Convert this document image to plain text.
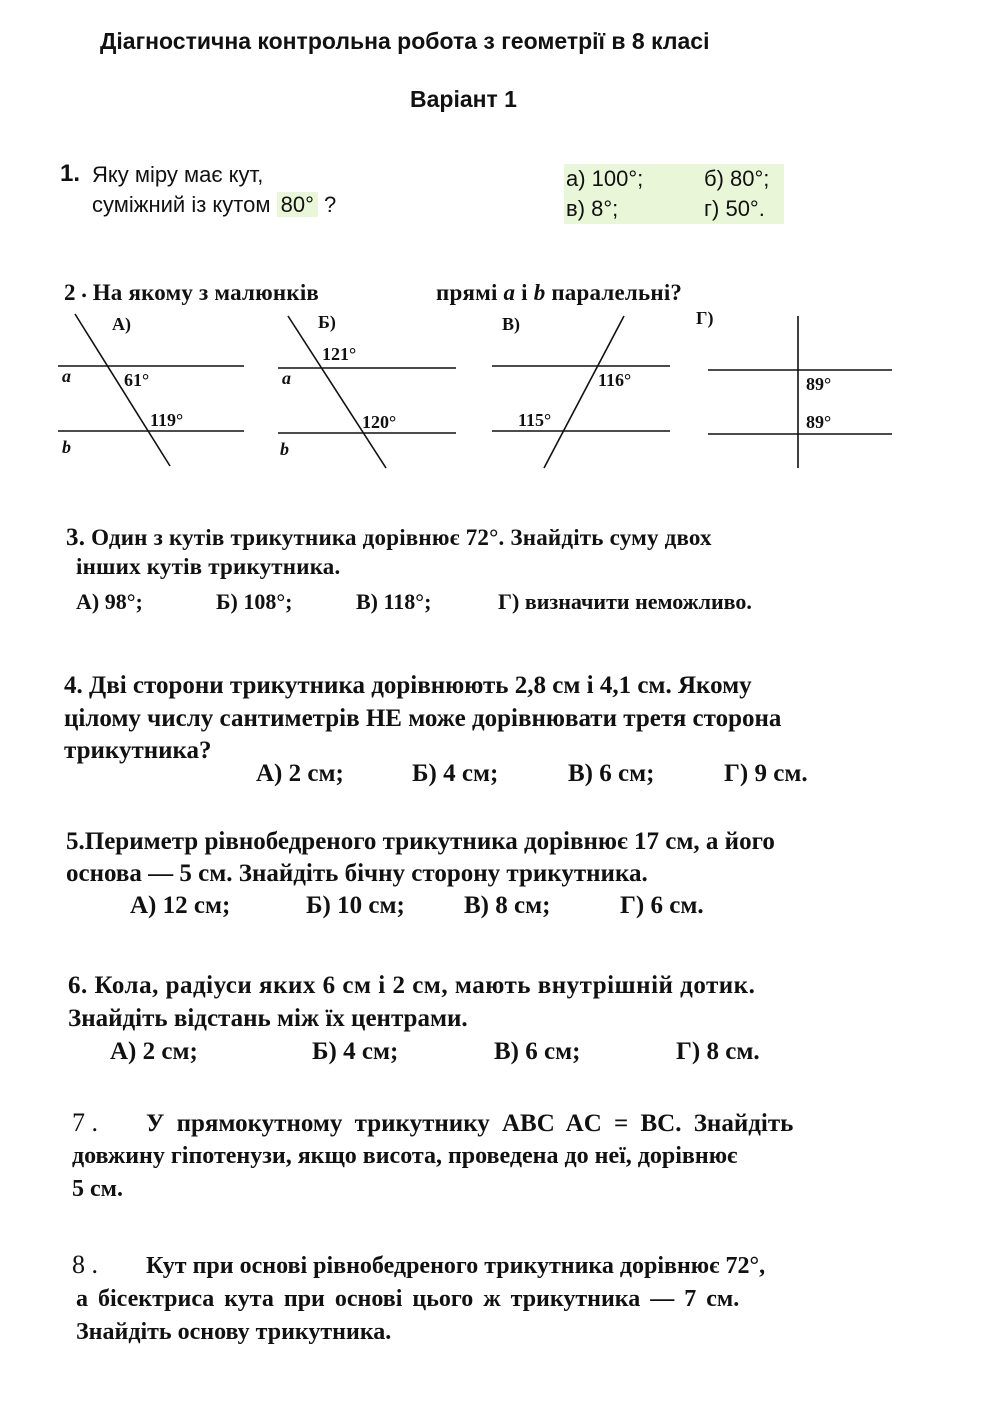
Діагностична контрольна робота з геометрії в 8 класі
Варіант 1
1. Яку міру має кут,
суміжний із кутом 80° ?
а) 100°;	б) 80°;
в) 8°;	г) 50°.
2 • На якому з малюнків	прямі a і b паралельні?
А)
a
b
61°
119°
Б)
a
b
121°
120°
В)
116°
115°
Г)
89°
89°
3. Один з кутів трикутника дорівнює 72°. Знайдіть суму двох
інших кутів трикутника.
А) 98°;	Б) 108°;	В) 118°;	Г) визначити неможливо.
4. Дві сторони трикутника дорівнюють 2,8 см і 4,1 см. Якому
цілому числу сантиметрів НЕ може дорівнювати третя сторона
трикутника?
А) 2 см;	Б) 4 см;	В) 6 см;	Г) 9 см.
5.Периметр рівнобедреного трикутника дорівнює 17 см, а його
основа — 5 см. Знайдіть бічну сторону трикутника.
А) 12 см;	Б) 10 см; В) 8 см;	Г) 6 см.
6. Кола, радіуси яких 6 см і 2 см, мають внутрішній дотик.
Знайдіть відстань між їх центрами.
А) 2 см;	Б) 4 см;	В) 6 см;	Г) 8 см.
7 . У прямокутному трикутнику ABC AC = BC. Знайдіть
довжину гіпотенузи, якщо висота, проведена до неї, дорівнює
5 см.
8 . Кут при основі рівнобедреного трикутника дорівнює 72°,
а бісектриса кута при основі цього ж трикутника — 7 см.
Знайдіть основу трикутника.
